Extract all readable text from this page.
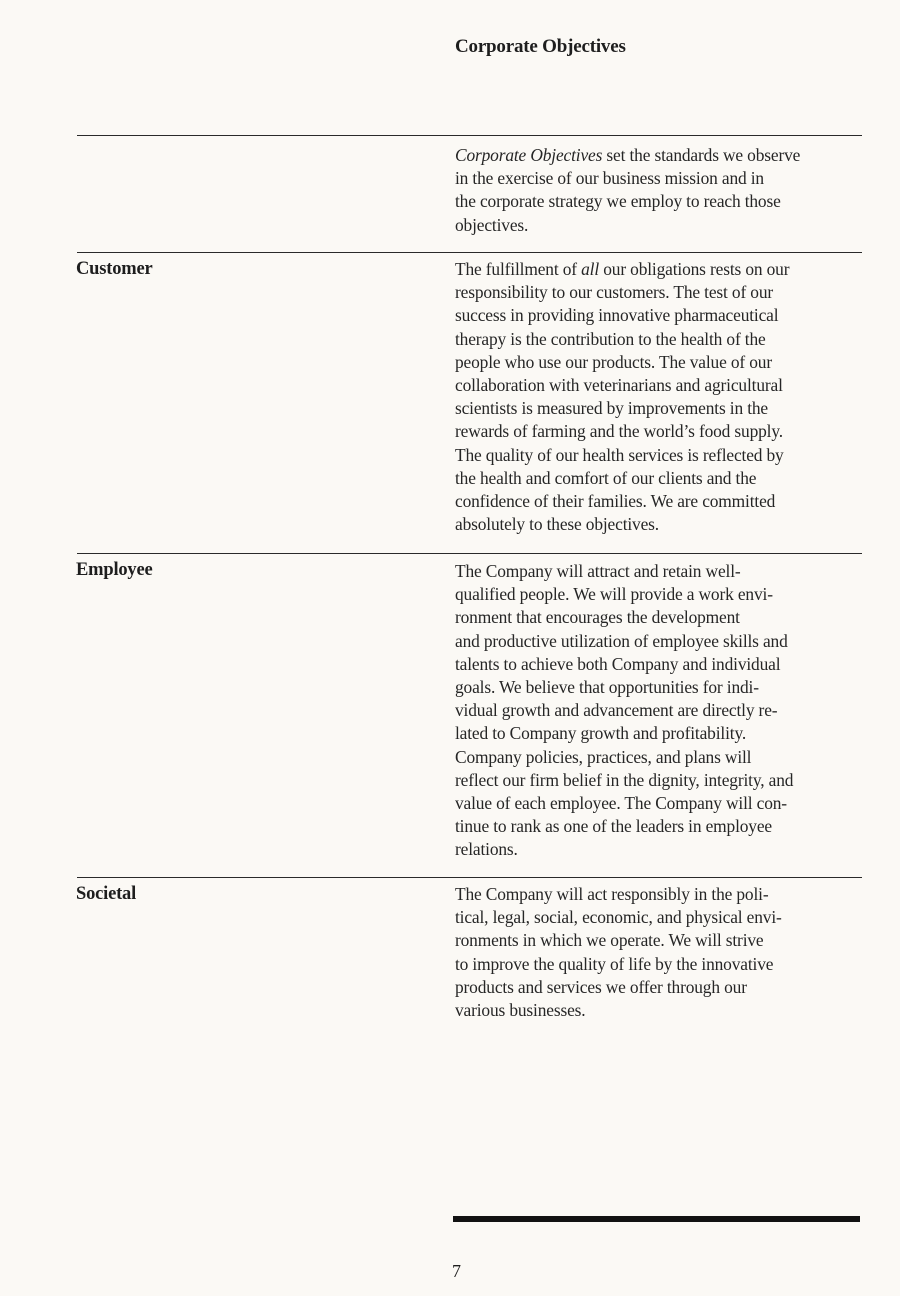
Corporate Objectives

Corporate Objectives set the standards we observe
in the exercise of our business mission and in
the corporate strategy we employ to reach those
objectives.

Customer	The fulfillment of all our obligations rests on our
responsibility to our customers. The test of our
success in providing innovative pharmaceutical
therapy is the contribution to the health of the
people who use our products. The value of our
collaboration with veterinarians and agricultural
scientists is measured by improvements in the
rewards of farming and the world’s food supply.
The quality of our health services is reflected by
the health and comfort of our clients and the
confidence of their families. We are committed
absolutely to these objectives.

Employee	The Company will attract and retain well-
qualified people. We will provide a work envi-
ronment that encourages the development
and productive utilization of employee skills and
talents to achieve both Company and individual
goals. We believe that opportunities for indi-
vidual growth and advancement are directly re-
lated to Company growth and profitability.
Company policies, practices, and plans will
reflect our firm belief in the dignity, integrity, and
value of each employee. The Company will con-
tinue to rank as one of the leaders in employee
relations.

Societal	The Company will act responsibly in the poli-
tical, legal, social, economic, and physical envi-
ronments in which we operate. We will strive
to improve the quality of life by the innovative
products and services we offer through our
various businesses.

7
